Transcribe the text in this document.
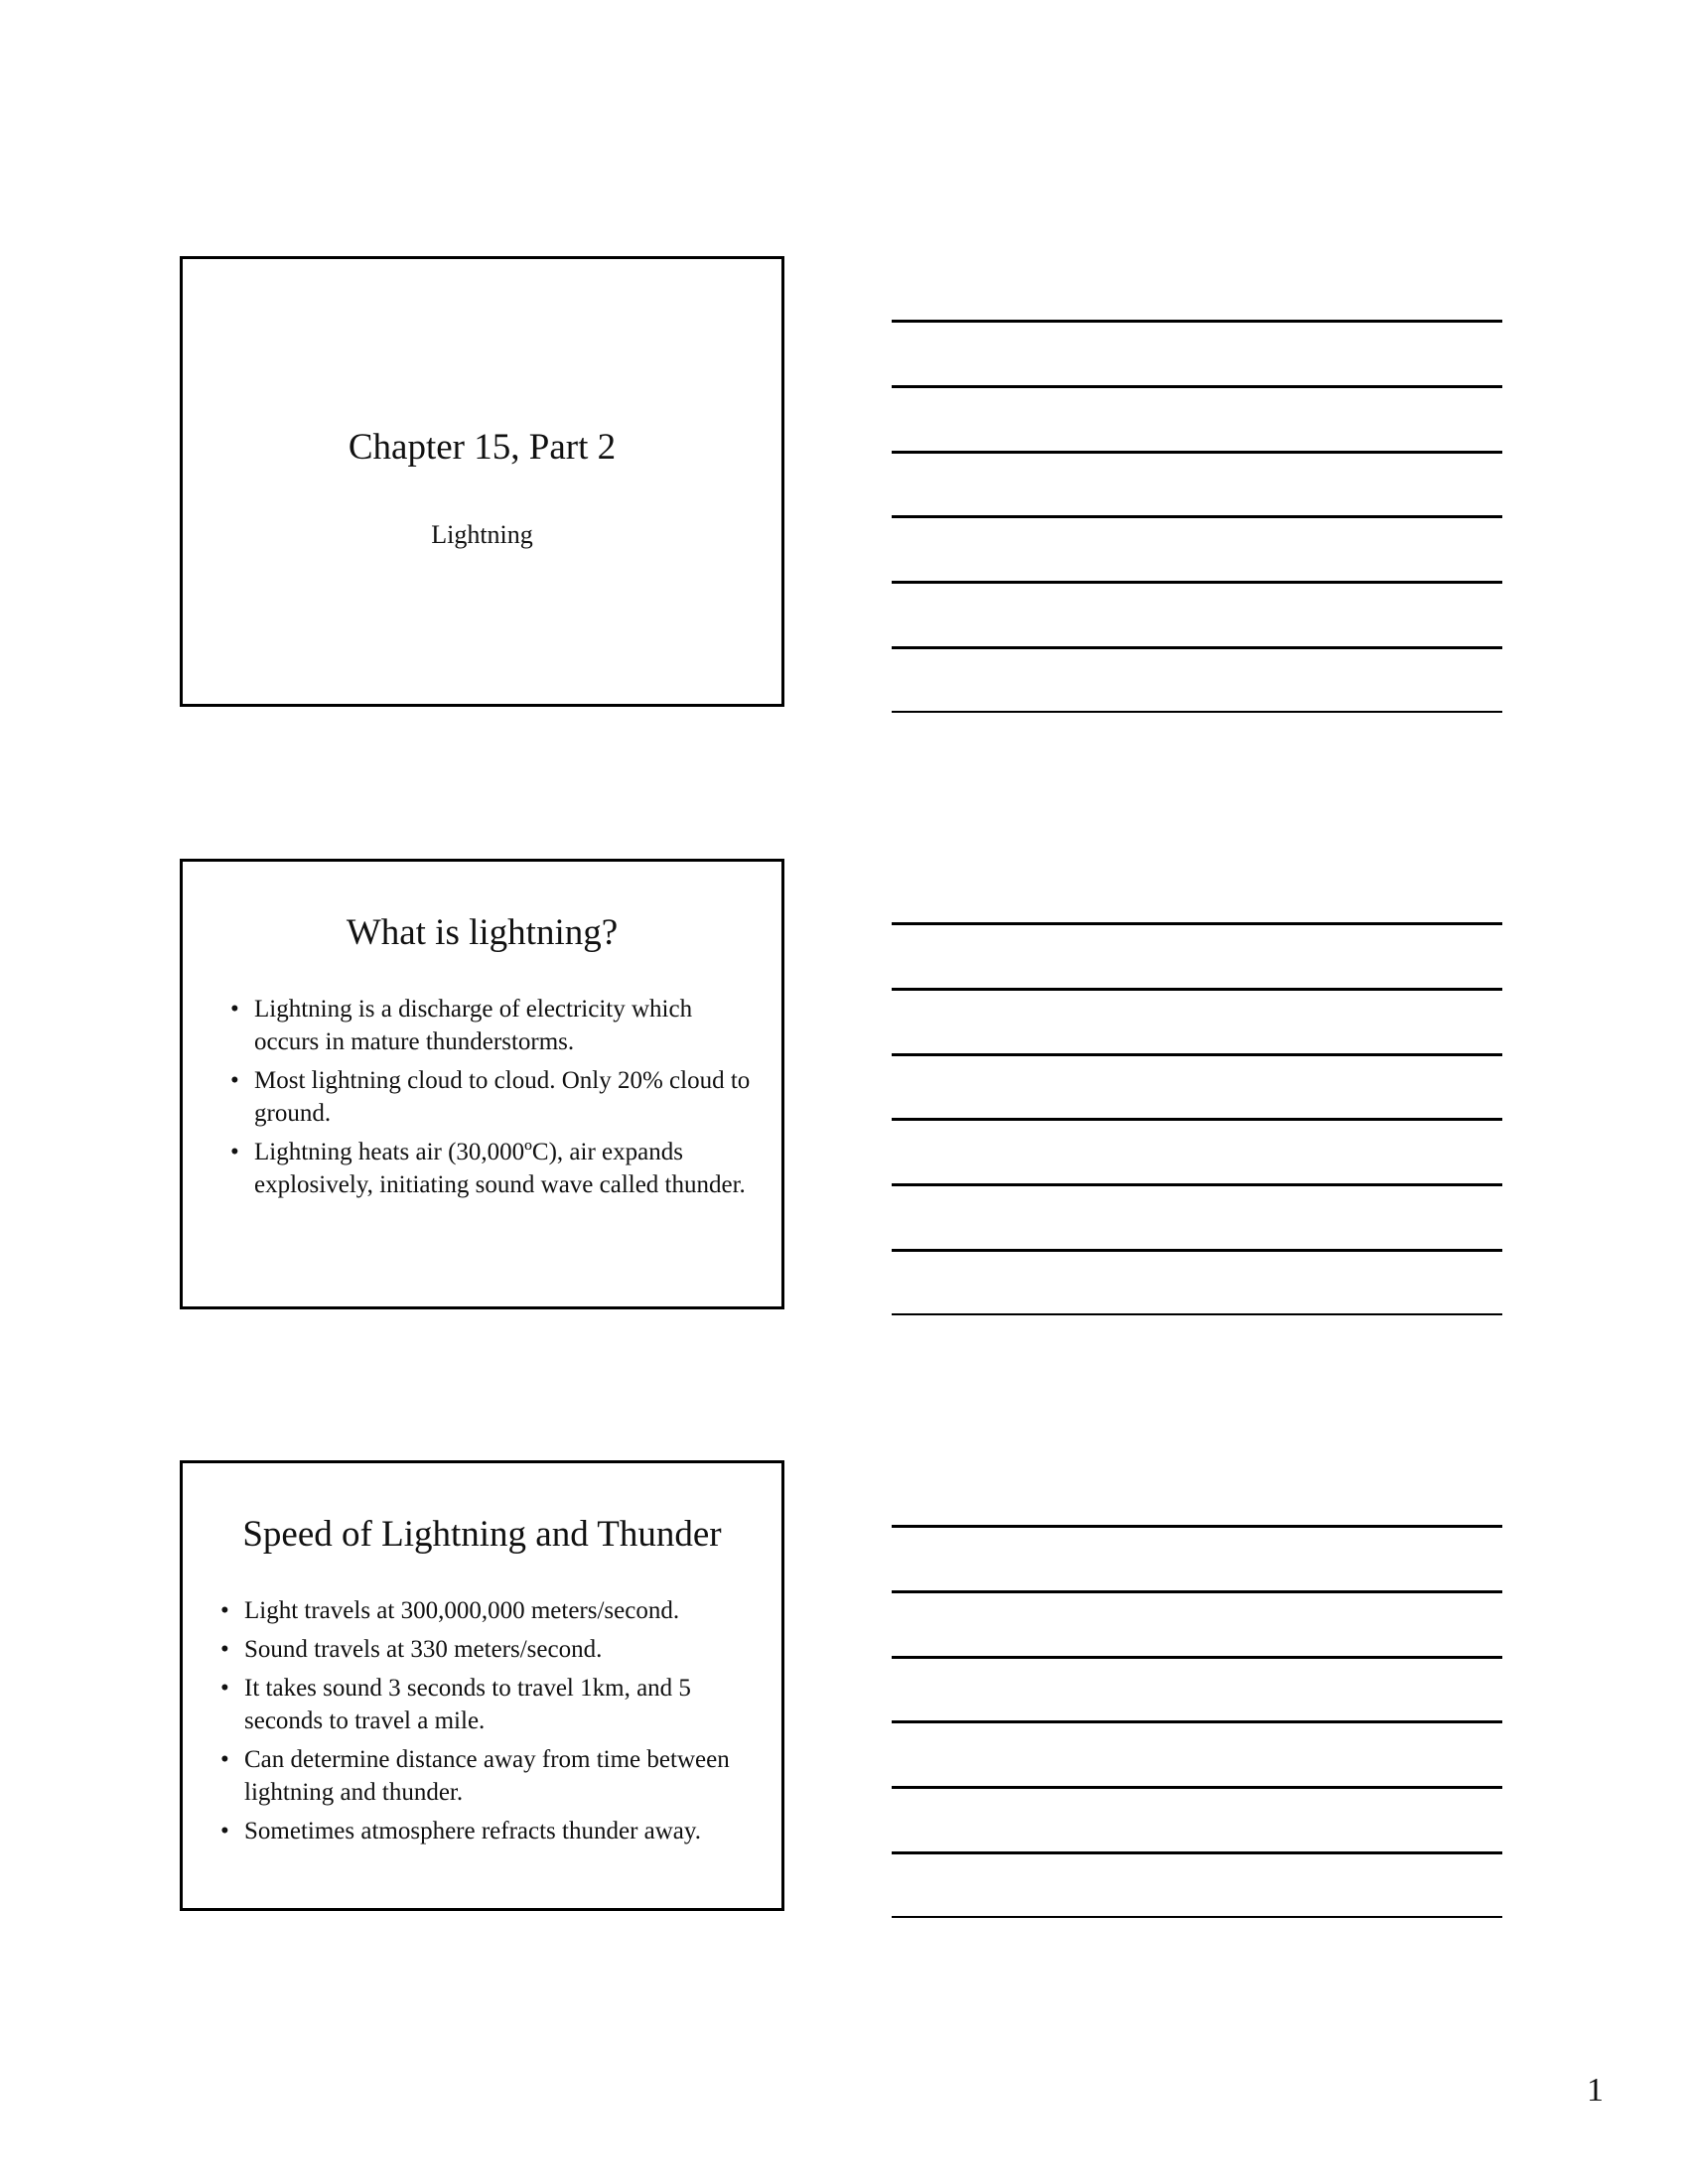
Chapter 15, Part 2
Lightning
What is lightning?
• Lightning is a discharge of electricity which occurs in mature thunderstorms.
• Most lightning cloud to cloud. Only 20% cloud to ground.
• Lightning heats air (30,000ºC), air expands explosively, initiating sound wave called thunder.
Speed of Lightning and Thunder
• Light travels at 300,000,000 meters/second.
• Sound travels at 330 meters/second.
• It takes sound 3 seconds to travel 1km, and 5 seconds to travel a mile.
• Can determine distance away from time between lightning and thunder.
• Sometimes atmosphere refracts thunder away.
1
